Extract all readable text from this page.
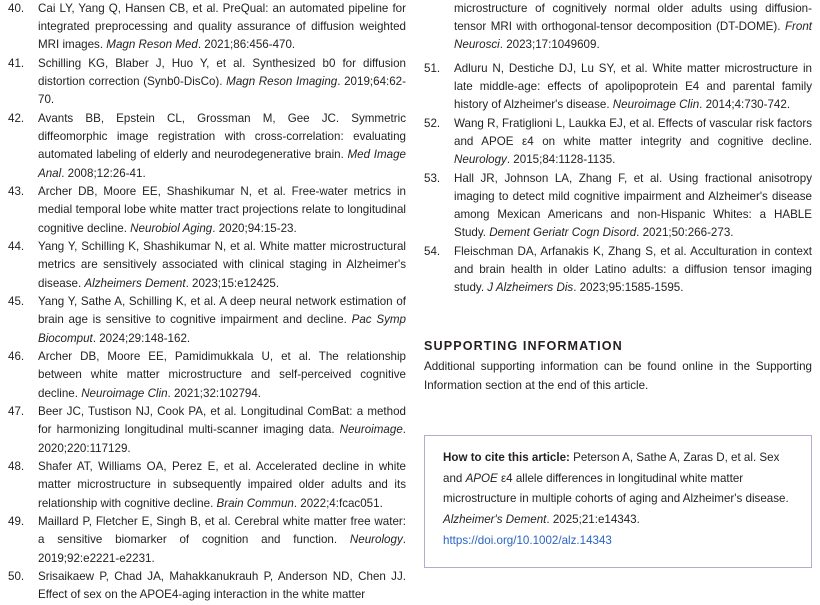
40. Cai LY, Yang Q, Hansen CB, et al. PreQual: an automated pipeline for integrated preprocessing and quality assurance of diffusion weighted MRI images. Magn Reson Med. 2021;86:456-470.
41. Schilling KG, Blaber J, Huo Y, et al. Synthesized b0 for diffusion distortion correction (Synb0-DisCo). Magn Reson Imaging. 2019;64:62-70.
42. Avants BB, Epstein CL, Grossman M, Gee JC. Symmetric diffeomorphic image registration with cross-correlation: evaluating automated labeling of elderly and neurodegenerative brain. Med Image Anal. 2008;12:26-41.
43. Archer DB, Moore EE, Shashikumar N, et al. Free-water metrics in medial temporal lobe white matter tract projections relate to longitudinal cognitive decline. Neurobiol Aging. 2020;94:15-23.
44. Yang Y, Schilling K, Shashikumar N, et al. White matter microstructural metrics are sensitively associated with clinical staging in Alzheimer's disease. Alzheimers Dement. 2023;15:e12425.
45. Yang Y, Sathe A, Schilling K, et al. A deep neural network estimation of brain age is sensitive to cognitive impairment and decline. Pac Symp Biocomput. 2024;29:148-162.
46. Archer DB, Moore EE, Pamidimukkala U, et al. The relationship between white matter microstructure and self-perceived cognitive decline. Neuroimage Clin. 2021;32:102794.
47. Beer JC, Tustison NJ, Cook PA, et al. Longitudinal ComBat: a method for harmonizing longitudinal multi-scanner imaging data. Neuroimage. 2020;220:117129.
48. Shafer AT, Williams OA, Perez E, et al. Accelerated decline in white matter microstructure in subsequently impaired older adults and its relationship with cognitive decline. Brain Commun. 2022;4:fcac051.
49. Maillard P, Fletcher E, Singh B, et al. Cerebral white matter free water: a sensitive biomarker of cognition and function. Neurology. 2019;92:e2221-e2231.
50. Srisaikaew P, Chad JA, Mahakkanukrauh P, Anderson ND, Chen JJ. Effect of sex on the APOE4-aging interaction in the white matter
microstructure of cognitively normal older adults using diffusion-tensor MRI with orthogonal-tensor decomposition (DT-DOME). Front Neurosci. 2023;17:1049609.
51. Adluru N, Destiche DJ, Lu SY, et al. White matter microstructure in late middle-age: effects of apolipoprotein E4 and parental family history of Alzheimer's disease. Neuroimage Clin. 2014;4:730-742.
52. Wang R, Fratiglioni L, Laukka EJ, et al. Effects of vascular risk factors and APOE ε4 on white matter integrity and cognitive decline. Neurology. 2015;84:1128-1135.
53. Hall JR, Johnson LA, Zhang F, et al. Using fractional anisotropy imaging to detect mild cognitive impairment and Alzheimer's disease among Mexican Americans and non-Hispanic Whites: a HABLE Study. Dement Geriatr Cogn Disord. 2021;50:266-273.
54. Fleischman DA, Arfanakis K, Zhang S, et al. Acculturation in context and brain health in older Latino adults: a diffusion tensor imaging study. J Alzheimers Dis. 2023;95:1585-1595.
SUPPORTING INFORMATION
Additional supporting information can be found online in the Supporting Information section at the end of this article.
How to cite this article: Peterson A, Sathe A, Zaras D, et al. Sex and APOE ε4 allele differences in longitudinal white matter microstructure in multiple cohorts of aging and Alzheimer's disease. Alzheimer's Dement. 2025;21:e14343.
https://doi.org/10.1002/alz.14343
